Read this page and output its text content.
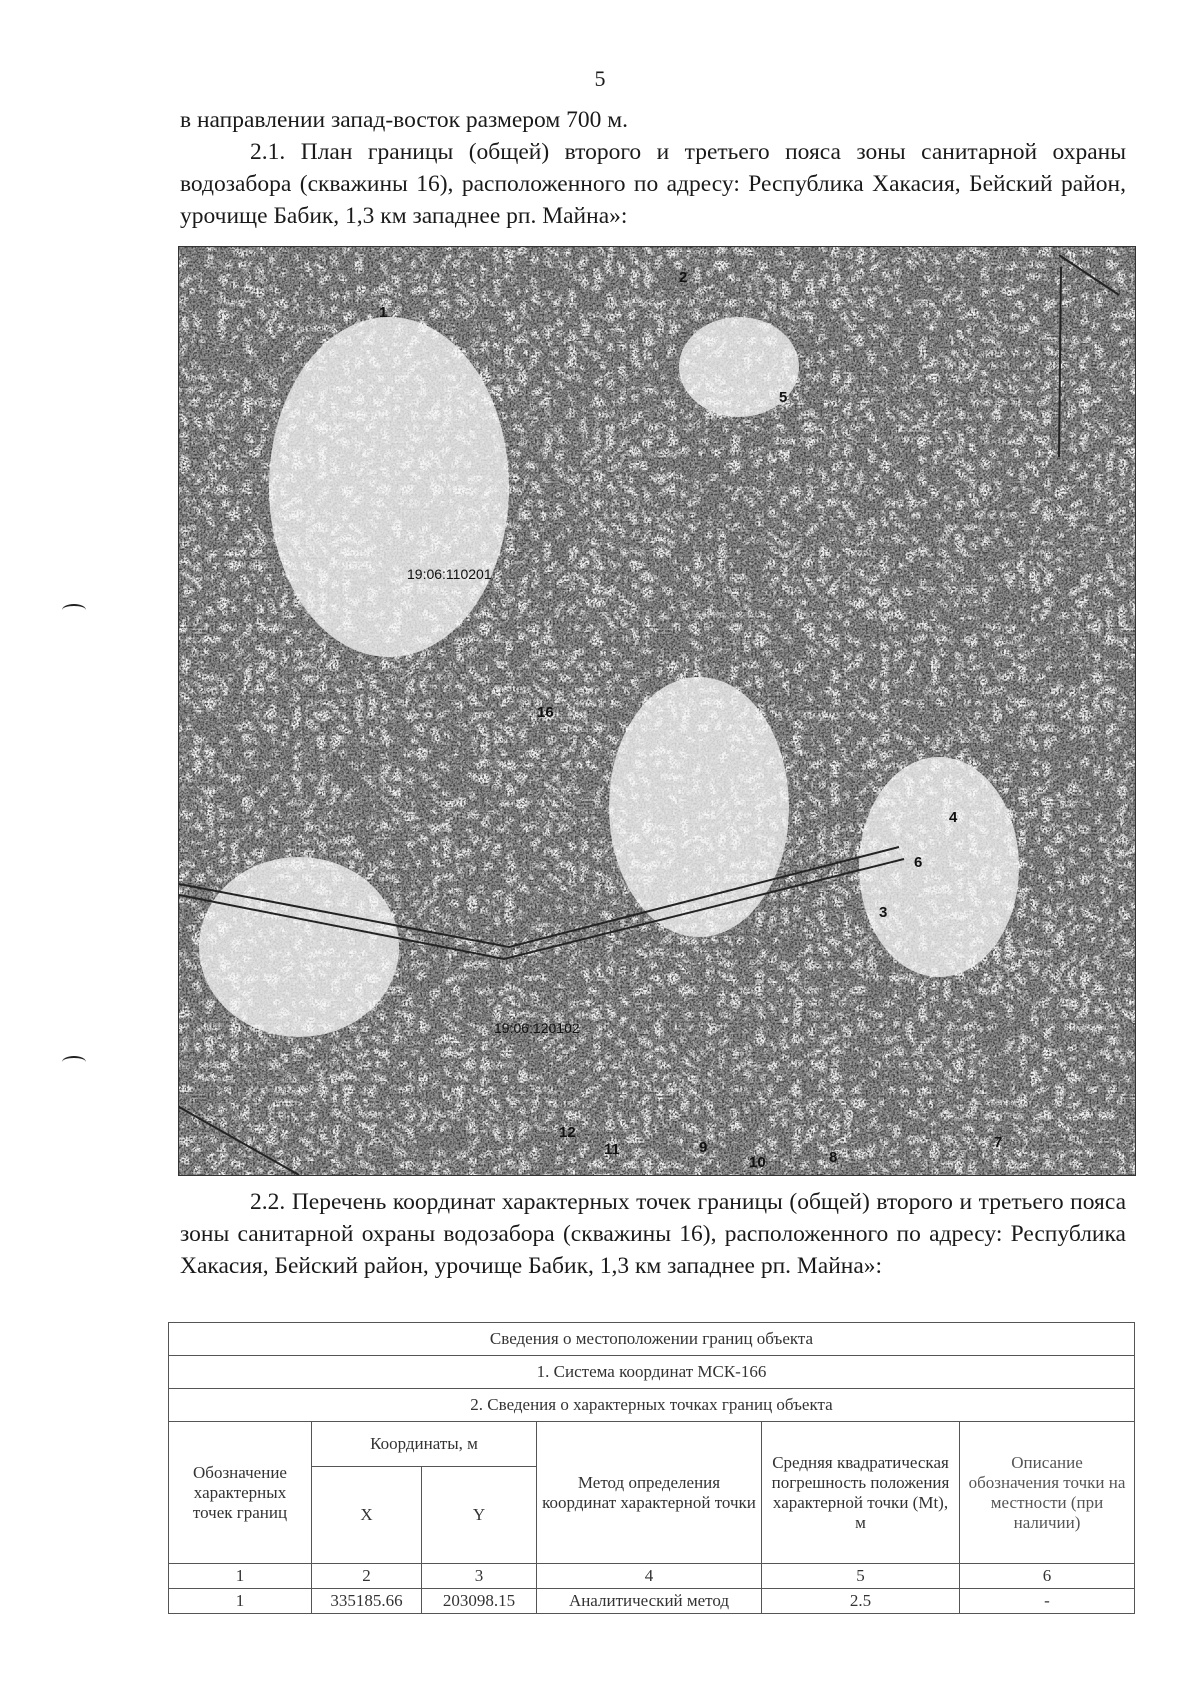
5

в направлении запад-восток размером 700 м.

2.1. План границы (общей) второго и третьего пояса зоны санитарной охраны водозабора (скважины 16), расположенного по адресу: Республика Хакасия, Бейский район, урочище Бабик, 1,3 км западнее рп. Майна»:

19:06:110201
19:06:120102
1
2
5
4
6
16
12
11
10
3
7
8
9

2.2. Перечень координат характерных точек границы (общей) второго и третьего пояса зоны санитарной охраны водозабора (скважины 16), расположенного по адресу: Республика Хакасия, Бейский район, урочище Бабик, 1,3 км западнее рп. Майна»:

Сведения о местоположении границ объекта					
1. Система координат МСК-166					
2. Сведения о характерных точках границ объекта					
Обозначение характерных точек границ	Координаты, м		Метод определения координат характерной точки	Средняя квадратическая погрешность положения характерной точки (Mt), м	Описание обозначения точки на местности (при наличии)
	X	Y			
1	2	3	4	5	6
1	335185.66	203098.15	Аналитический метод	2.5	-
